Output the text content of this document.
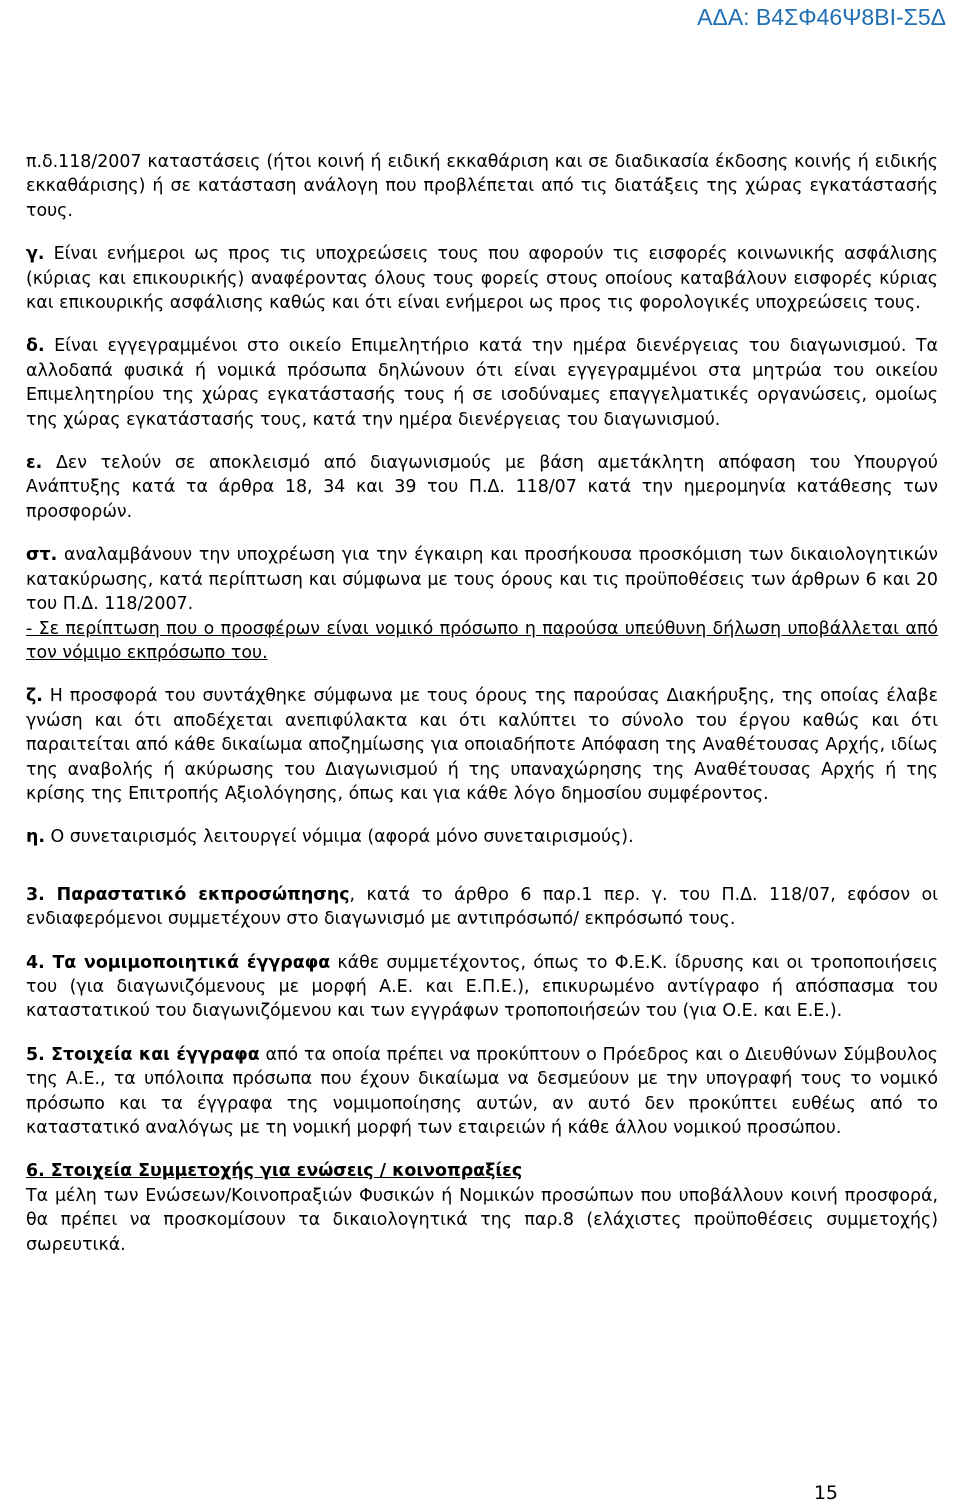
ΑΔΑ: Β4ΣΦ46Ψ8ΒΙ-Σ5Δ

π.δ.118/2007 καταστάσεις (ήτοι κοινή ή ειδική εκκαθάριση και σε διαδικασία έκδοσης κοινής ή ειδικής εκκαθάρισης) ή σε κατάσταση ανάλογη που προβλέπεται από τις διατάξεις της χώρας εγκατάστασής τους.

γ. Είναι ενήμεροι ως προς τις υποχρεώσεις τους που αφορούν τις εισφορές κοινωνικής ασφάλισης (κύριας και επικουρικής) αναφέροντας όλους τους φορείς στους οποίους καταβάλουν εισφορές κύριας και επικουρικής ασφάλισης καθώς και ότι είναι ενήμεροι ως προς τις φορολογικές υποχρεώσεις τους.

δ. Είναι εγγεγραμμένοι στο οικείο Επιμελητήριο κατά την ημέρα διενέργειας του διαγωνισμού. Τα αλλοδαπά φυσικά ή νομικά πρόσωπα δηλώνουν ότι είναι εγγεγραμμένοι στα μητρώα του οικείου Επιμελητηρίου της χώρας εγκατάστασής τους ή σε ισοδύναμες επαγγελματικές οργανώσεις, ομοίως της χώρας εγκατάστασής τους, κατά την ημέρα διενέργειας του διαγωνισμού.

ε. Δεν τελούν σε αποκλεισμό από διαγωνισμούς με βάση αμετάκλητη απόφαση του Υπουργού Ανάπτυξης κατά τα άρθρα 18, 34 και 39 του Π.Δ. 118/07 κατά την ημερομηνία κατάθεσης των προσφορών.

στ. αναλαμβάνουν την υποχρέωση για την έγκαιρη και προσήκουσα προσκόμιση των δικαιολογητικών κατακύρωσης, κατά περίπτωση και σύμφωνα με τους όρους και τις προϋποθέσεις των άρθρων 6 και 20 του Π.Δ. 118/2007.

- Σε περίπτωση που ο προσφέρων είναι νομικό πρόσωπο η παρούσα υπεύθυνη δήλωση υποβάλλεται από τον νόμιμο εκπρόσωπο του.

ζ. Η προσφορά του συντάχθηκε σύμφωνα με τους όρους της παρούσας Διακήρυξης, της οποίας έλαβε γνώση και ότι αποδέχεται ανεπιφύλακτα και ότι καλύπτει το σύνολο του έργου καθώς και ότι παραιτείται από κάθε δικαίωμα αποζημίωσης για οποιαδήποτε Απόφαση της Αναθέτουσας Αρχής, ιδίως της αναβολής ή ακύρωσης του Διαγωνισμού ή της υπαναχώρησης της Αναθέτουσας Αρχής ή της κρίσης της Επιτροπής Αξιολόγησης, όπως και για κάθε λόγο δημοσίου συμφέροντος.

η. Ο συνεταιρισμός λειτουργεί νόμιμα (αφορά μόνο συνεταιρισμούς).

3. Παραστατικό εκπροσώπησης, κατά το άρθρο 6 παρ.1 περ. γ. του Π.Δ. 118/07, εφόσον οι ενδιαφερόμενοι συμμετέχουν στο διαγωνισμό με αντιπρόσωπό/ εκπρόσωπό τους.

4. Τα νομιμοποιητικά έγγραφα κάθε συμμετέχοντος, όπως το Φ.Ε.Κ. ίδρυσης και οι τροποποιήσεις του (για διαγωνιζόμενους με μορφή Α.Ε. και Ε.Π.Ε.), επικυρωμένο αντίγραφο ή απόσπασμα του καταστατικού του διαγωνιζόμενου και των εγγράφων τροποποιήσεών του (για Ο.Ε. και Ε.Ε.).

5. Στοιχεία και έγγραφα από τα οποία πρέπει να προκύπτουν ο Πρόεδρος και ο Διευθύνων Σύμβουλος της Α.Ε., τα υπόλοιπα πρόσωπα που έχουν δικαίωμα να δεσμεύουν με την υπογραφή τους το νομικό πρόσωπο και τα έγγραφα της νομιμοποίησης αυτών, αν αυτό δεν προκύπτει ευθέως από το καταστατικό αναλόγως με τη νομική μορφή των εταιρειών ή κάθε άλλου νομικού προσώπου.

6. Στοιχεία Συμμετοχής για ενώσεις / κοινοπραξίες

Τα μέλη των Ενώσεων/Κοινοπραξιών Φυσικών ή Νομικών προσώπων που υποβάλλουν κοινή προσφορά, θα πρέπει να προσκομίσουν τα δικαιολογητικά της παρ.8 (ελάχιστες προϋποθέσεις συμμετοχής) σωρευτικά.

15
